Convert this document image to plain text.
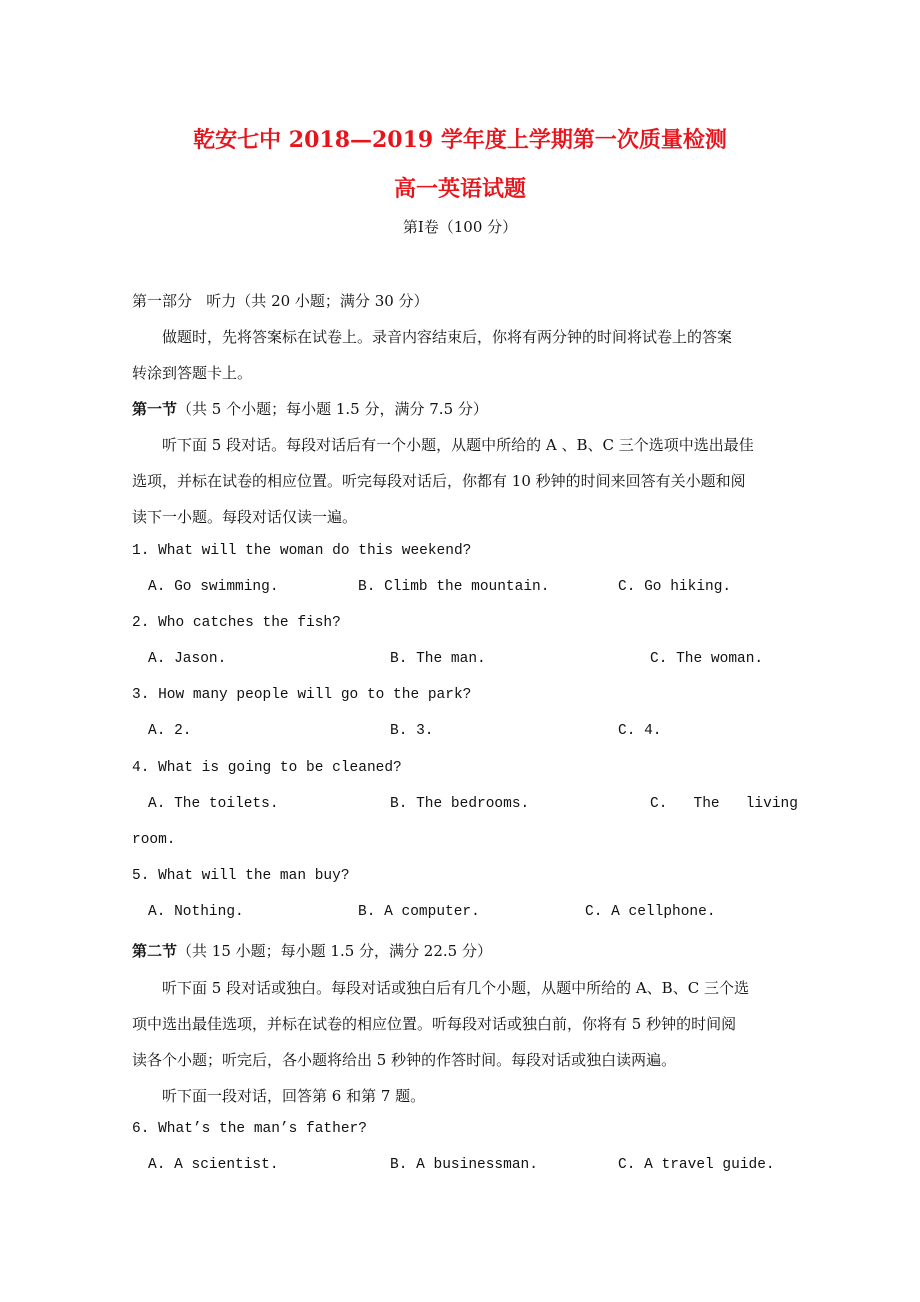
乾安七中 2018—2019 学年度上学期第一次质量检测
高一英语试题
第Ⅰ卷（100 分）
第一部分   听力（共 20 小题；满分 30 分）
做题时，先将答案标在试卷上。录音内容结束后，你将有两分钟的时间将试卷上的答案
转涂到答题卡上。
第一节（共 5 个小题；每小题 1.5 分，满分 7.5 分）
听下面 5 段对话。每段对话后有一个小题，从题中所给的 A 、B、C 三个选项中选出最佳
选项，并标在试卷的相应位置。听完每段对话后，你都有 10 秒钟的时间来回答有关小题和阅
读下一小题。每段对话仅读一遍。
1. What will the woman do this weekend?
A. Go swimming.	B. Climb the mountain.	C. Go hiking.
2. Who catches the fish?
A. Jason.	B. The man.	C. The woman.
3. How many people will go to the park?
A. 2.	B. 3.	C. 4.
4. What is going to be cleaned?
A. The toilets.	B. The bedrooms.	C.   The   living
room.
5. What will the man buy?
A. Nothing.	B. A computer.	C. A cellphone.
第二节（共 15 小题；每小题 1.5 分，满分 22.5 分）
听下面 5 段对话或独白。每段对话或独白后有几个小题，从题中所给的 A、B、C 三个选
项中选出最佳选项，并标在试卷的相应位置。听每段对话或独白前，你将有 5 秒钟的时间阅
读各个小题；听完后，各小题将给出 5 秒钟的作答时间。每段对话或独白读两遍。
听下面一段对话，回答第 6 和第 7 题。
6. What’s the man’s father?
A. A scientist.	B. A businessman.	C. A travel guide.
